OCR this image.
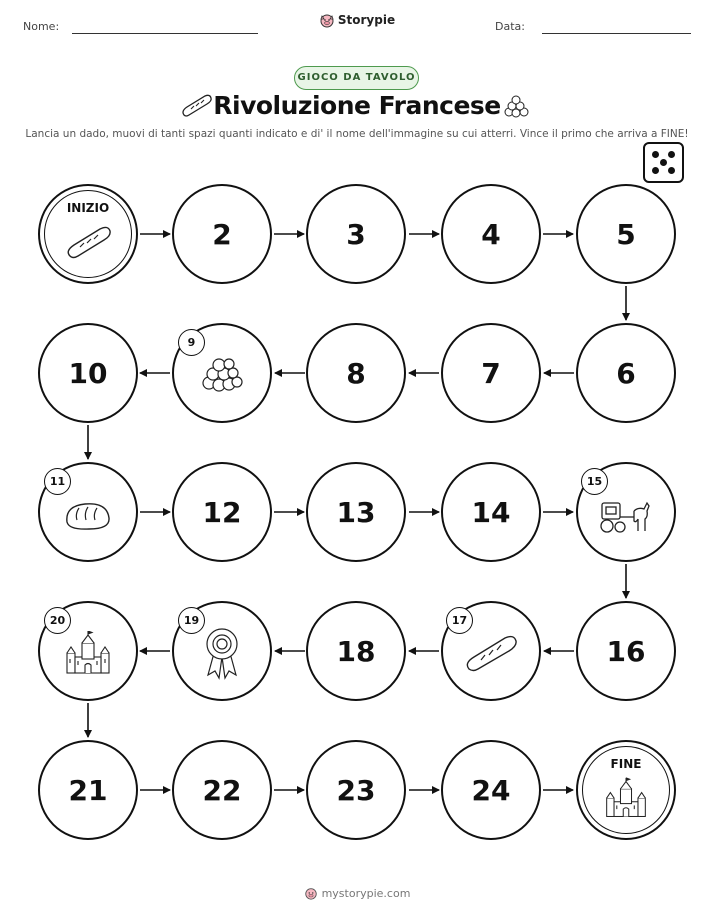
Nome:	Data:
Storypie
GIOCO DA TAVOLO
Rivoluzione Francese
Lancia un dado, muovi di tanti spazi quanti indicato e di' il nome dell'immagine su cui atterri. Vince il primo che arriva a FINE!
INIZIO
2	3	4	5
10
9
8	7	6
11
12	13	14
15
20	19
18
17
16
21	22	23	24
FINE
mystorypie.com
